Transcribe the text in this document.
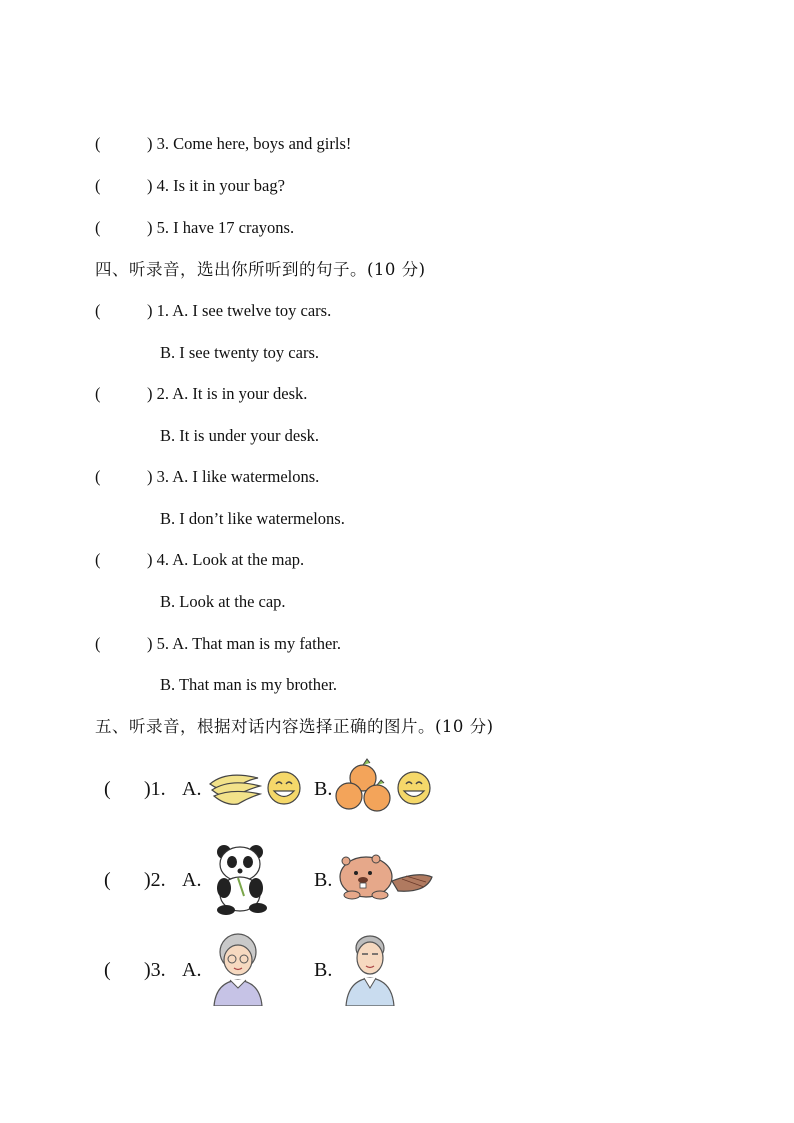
(	) 3. Come here, boys and girls!
(	) 4. Is it in your bag?
(	) 5. I have 17 crayons.
四、听录音，选出你所听到的句子。(10 分)
(	) 1. A. I see twelve toy cars.
B. I see twenty toy cars.
(	) 2. A. It is in your desk.
B. It is under your desk.
(	) 3. A. I like watermelons.
B. I don’t like watermelons.
(	) 4. A. Look at the map.
B. Look at the cap.
(	) 5. A. That man is my father.
B. That man is my brother.
五、听录音，根据对话内容选择正确的图片。(10 分)
( )1. A.	B.
( )2. A.	B.
( )3. A.	B.
